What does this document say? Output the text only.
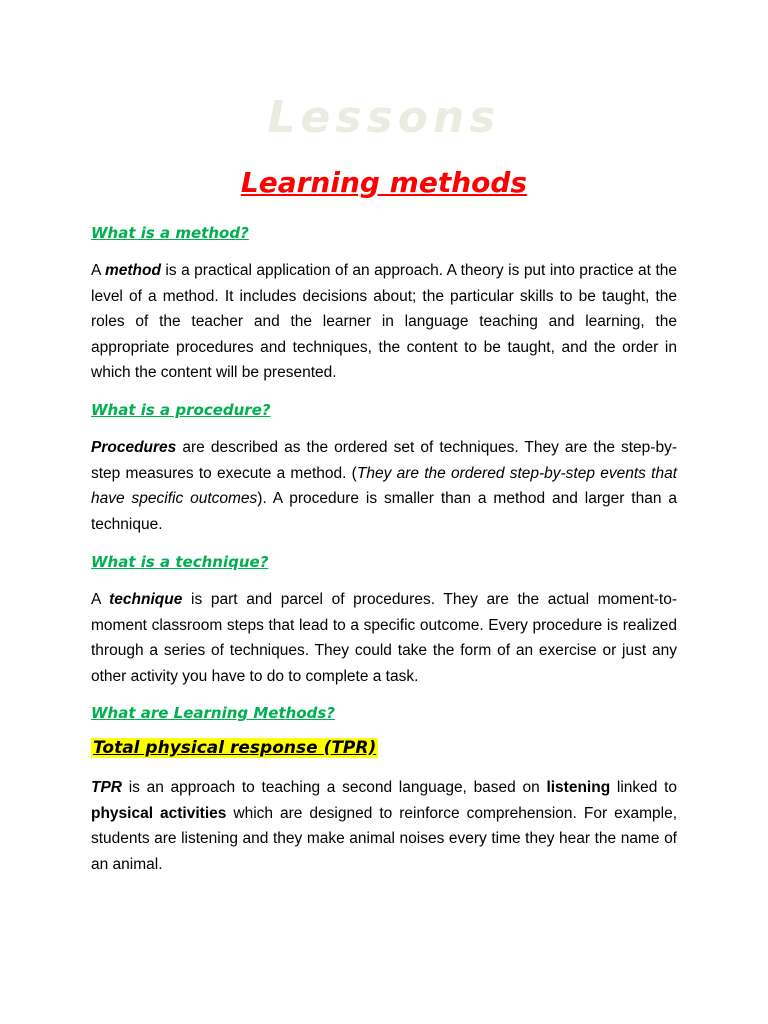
Lessons
Learning methods
What is a method?
A method is a practical application of an approach. A theory is put into practice at the level of a method. It includes decisions about; the particular skills to be taught, the roles of the teacher and the learner in language teaching and learning, the appropriate procedures and techniques, the content to be taught, and the order in which the content will be presented.
What is a procedure?
Procedures are described as the ordered set of techniques. They are the step-by-step measures to execute a method. (They are the ordered step-by-step events that have specific outcomes). A procedure is smaller than a method and larger than a technique.
What is a technique?
A technique is part and parcel of procedures. They are the actual moment-to-moment classroom steps that lead to a specific outcome. Every procedure is realized through a series of techniques. They could take the form of an exercise or just any other activity you have to do to complete a task.
What are Learning Methods?
Total physical response (TPR)
TPR is an approach to teaching a second language, based on listening linked to physical activities which are designed to reinforce comprehension. For example, students are listening and they make animal noises every time they hear the name of an animal.
